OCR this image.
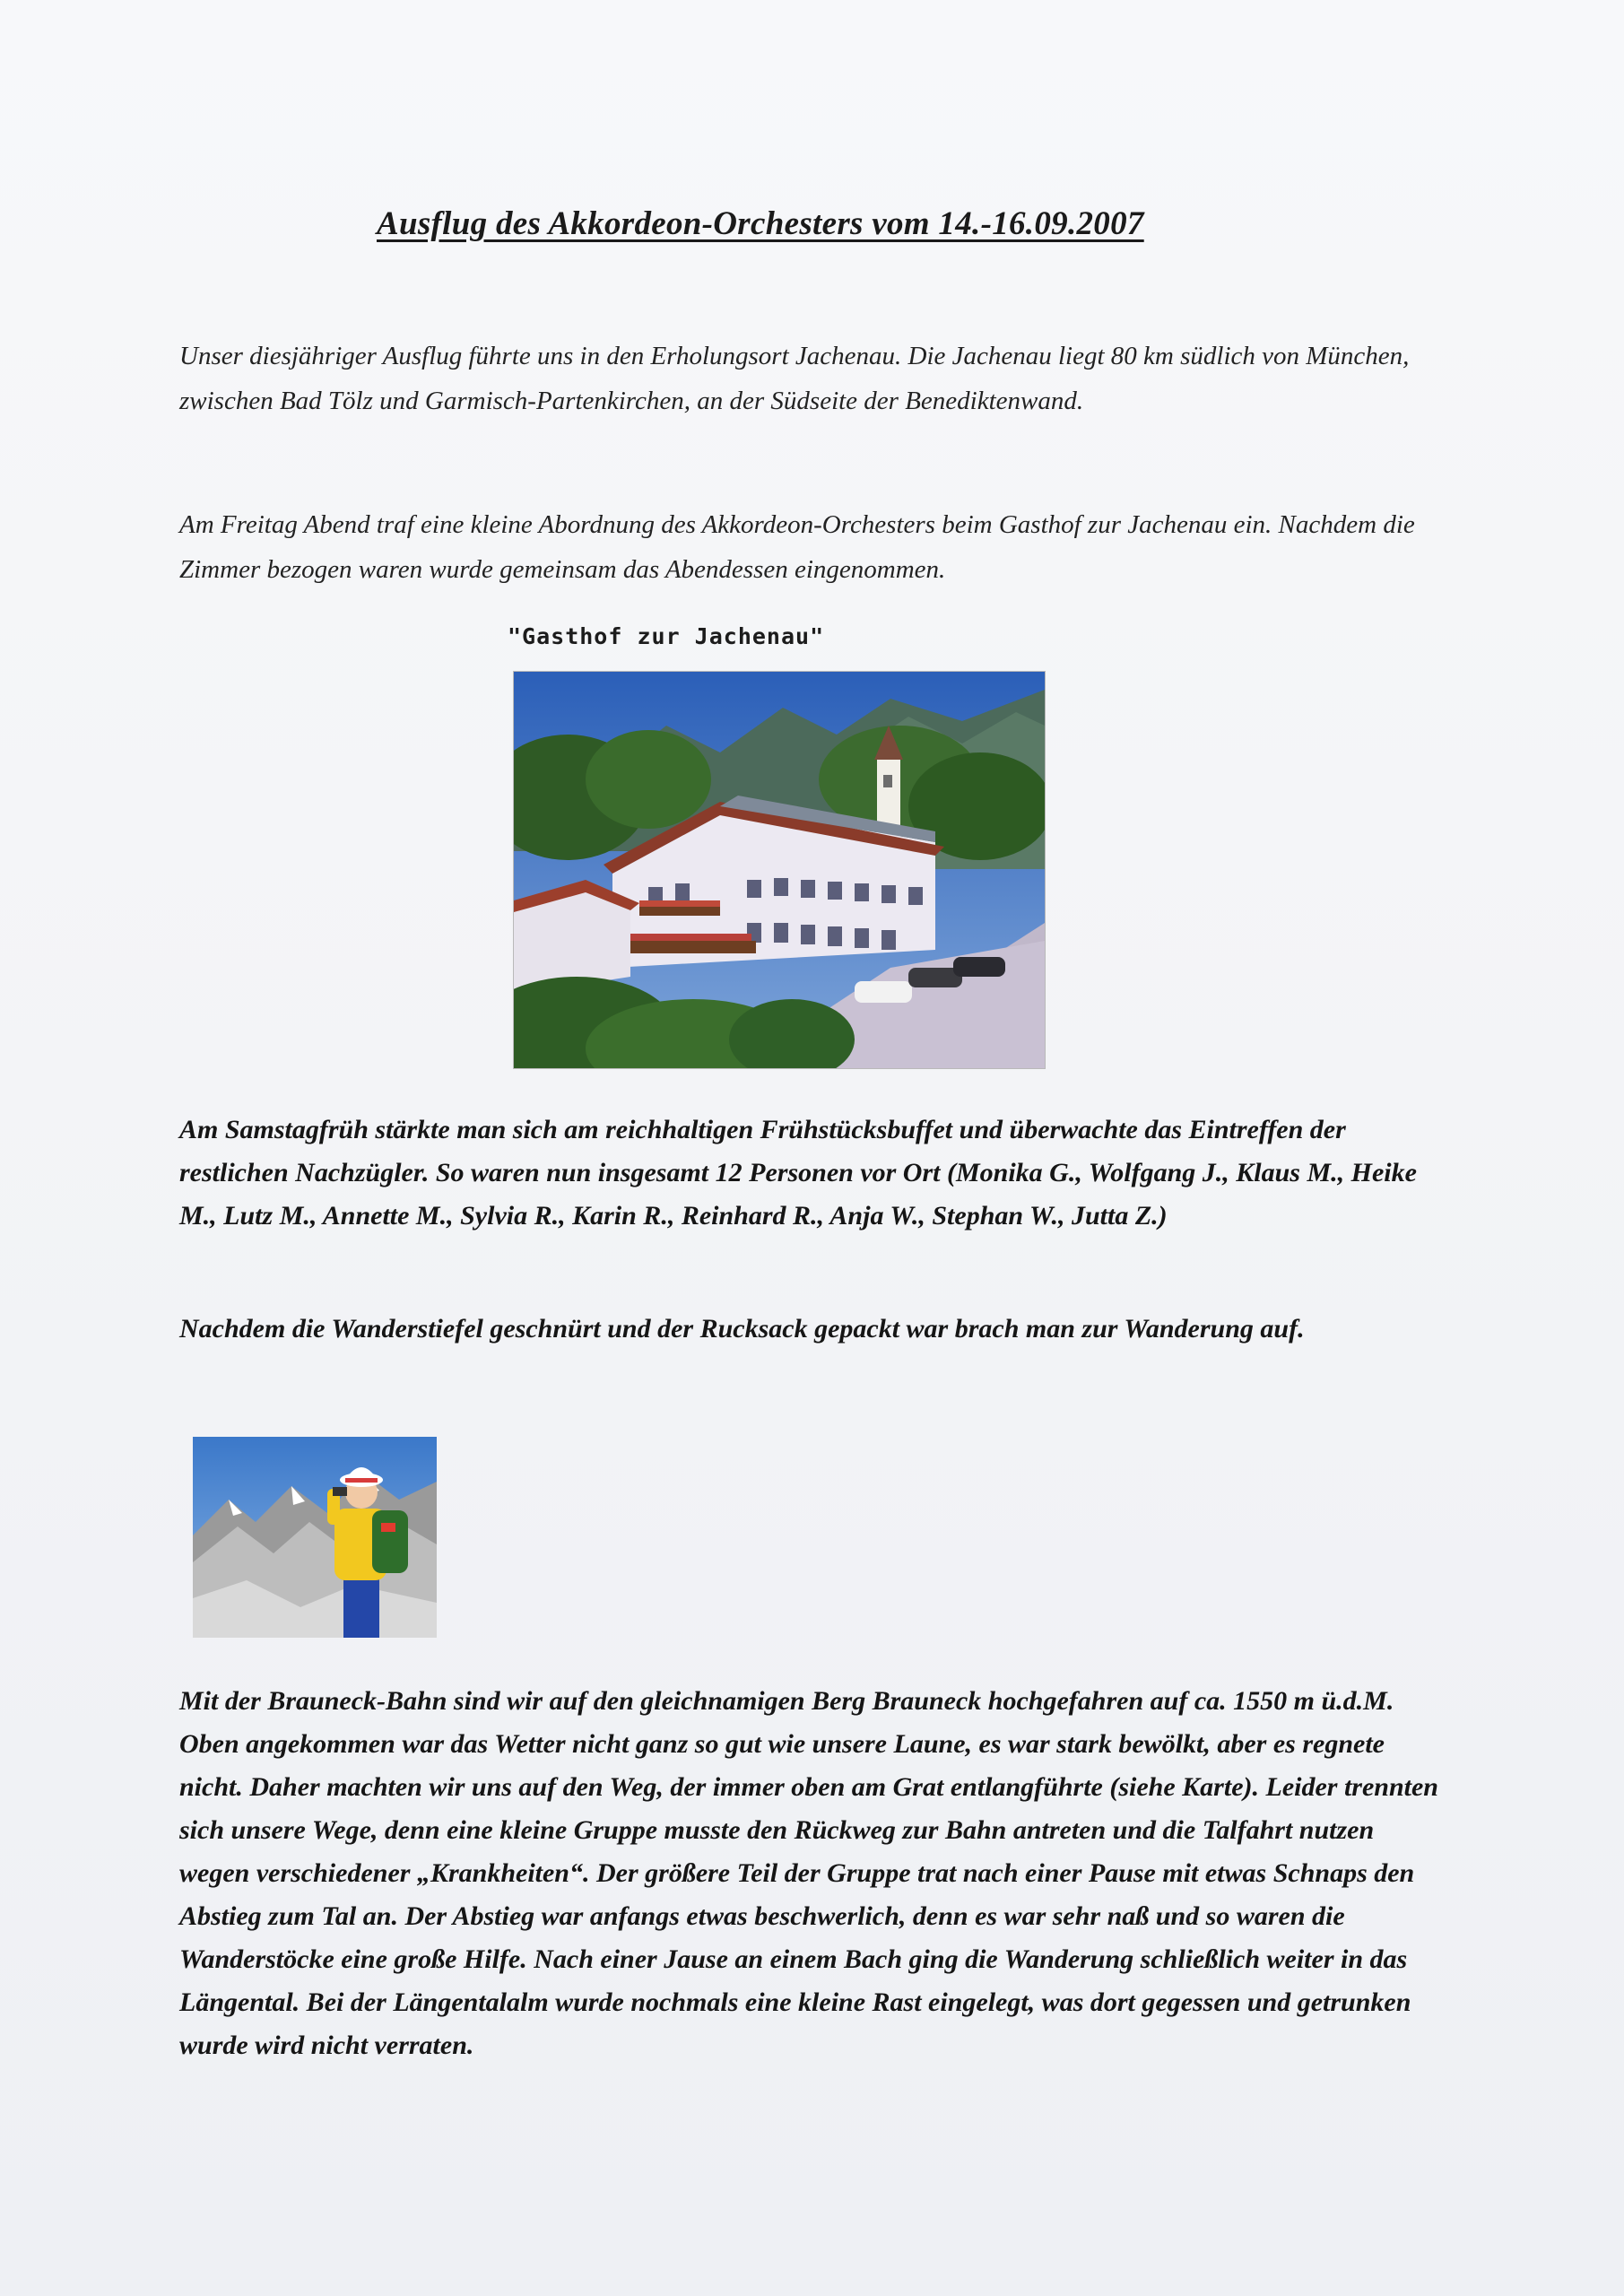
Ausflug des Akkordeon-Orchesters vom 14.-16.09.2007

Unser diesjähriger Ausflug führte uns in den Erholungsort Jachenau. Die Jachenau liegt 80 km südlich von München, zwischen Bad Tölz und Garmisch-Partenkirchen, an der Südseite der Benediktenwand.

Am Freitag Abend traf eine kleine Abordnung des Akkordeon-Orchesters beim Gasthof zur Jachenau ein. Nachdem die Zimmer bezogen waren wurde gemeinsam das Abendessen eingenommen.

"Gasthof zur Jachenau"

Am Samstagfrüh stärkte man sich am reichhaltigen Frühstücksbuffet und überwachte das Eintreffen der restlichen Nachzügler. So waren nun insgesamt 12 Personen vor Ort (Monika G., Wolfgang J., Klaus M., Heike M., Lutz M., Annette M., Sylvia R., Karin R., Reinhard R., Anja W., Stephan W., Jutta Z.)

Nachdem die Wanderstiefel geschnürt und der Rucksack gepackt war brach man zur Wanderung auf.

Mit der Brauneck-Bahn sind wir auf den gleichnamigen Berg Brauneck hochgefahren auf ca. 1550 m ü.d.M. Oben angekommen war das Wetter nicht ganz so gut wie unsere Laune, es war stark bewölkt, aber es regnete nicht. Daher machten wir uns auf den Weg, der immer oben am Grat entlangführte (siehe Karte). Leider trennten sich unsere Wege, denn eine kleine Gruppe musste den Rückweg zur Bahn antreten und die Talfahrt nutzen wegen verschiedener „Krankheiten“. Der größere Teil der Gruppe trat nach einer Pause mit etwas Schnaps den Abstieg zum Tal an. Der Abstieg war anfangs etwas beschwerlich, denn es war sehr naß und so waren die Wanderstöcke eine große Hilfe. Nach einer Jause an einem Bach ging die Wanderung schließlich weiter in das Längental. Bei der Längentalalm wurde nochmals eine kleine Rast eingelegt, was dort gegessen und getrunken wurde wird nicht verraten.
